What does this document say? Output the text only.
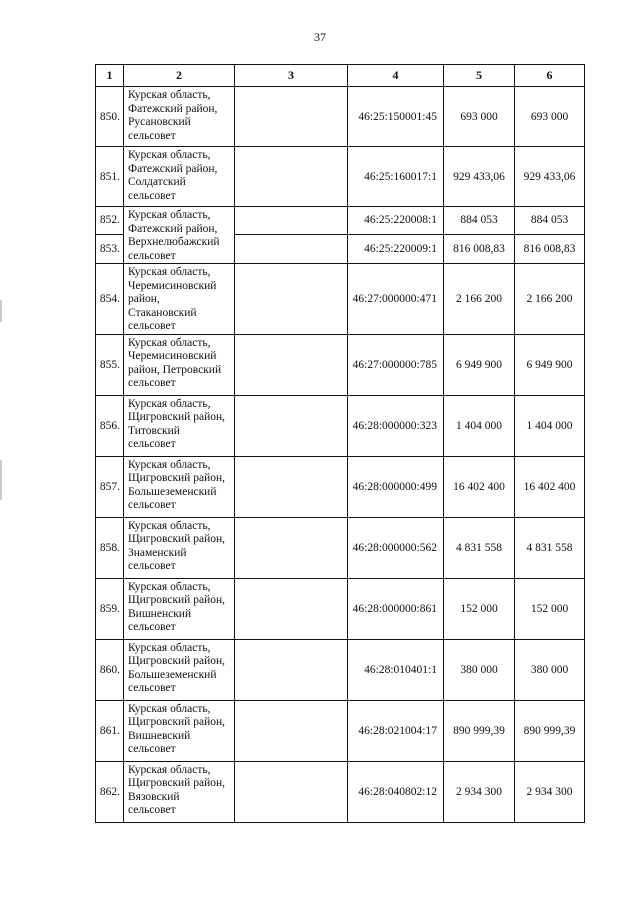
37
1	2	3	4	5	6
850.	Курская область,
Фатежский район,
Русановский
сельсовет		46:25:150001:45	693 000	693 000
851.	Курская область,
Фатежский район,
Солдатский
сельсовет		46:25:160017:1	929 433,06	929 433,06
852.	Курская область,
Фатежский район,
Верхнелюбажский
сельсовет		46:25:220008:1	884 053	884 053
853.			46:25:220009:1	816 008,83	816 008,83
854.	Курская область,
Черемисиновский
район,
Стакановский
сельсовет		46:27:000000:471	2 166 200	2 166 200
855.	Курская область,
Черемисиновский
район, Петровский
сельсовет		46:27:000000:785	6 949 900	6 949 900
856.	Курская область,
Щигровский район,
Титовский
сельсовет		46:28:000000:323	1 404 000	1 404 000
857.	Курская область,
Щигровский район,
Большеземенский
сельсовет		46:28:000000:499	16 402 400	16 402 400
858.	Курская область,
Щигровский район,
Знаменский
сельсовет		46:28:000000:562	4 831 558	4 831 558
859.	Курская область,
Щигровский район,
Вишненский
сельсовет		46:28:000000:861	152 000	152 000
860.	Курская область,
Щигровский район,
Большеземенский
сельсовет		46:28:010401:1	380 000	380 000
861.	Курская область,
Щигровский район,
Вишневский
сельсовет		46:28:021004:17	890 999,39	890 999,39
862.	Курская область,
Щигровский район,
Вязовский
сельсовет		46:28:040802:12	2 934 300	2 934 300
